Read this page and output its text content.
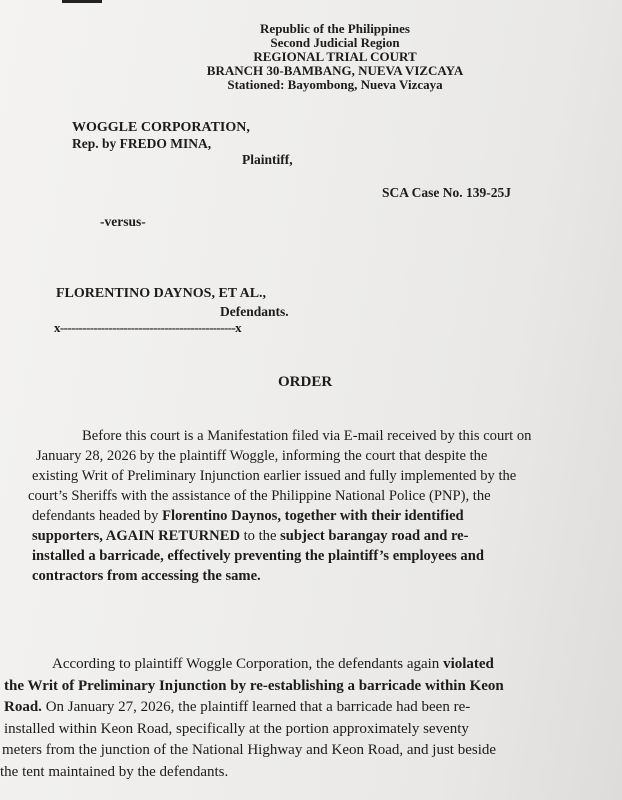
Republic of the Philippines
Second Judicial Region
REGIONAL TRIAL COURT
BRANCH 30-BAMBANG, NUEVA VIZCAYA
Stationed: Bayombong, Nueva Vizcaya
WOGGLE CORPORATION,
Rep. by FREDO MINA,
Plaintiff,
SCA Case No. 139-25J
-versus-
FLORENTINO DAYNOS, ET AL.,
Defendants.
x-----------------------------------------------x
ORDER
Before this court is a Manifestation filed via E-mail received by this court on
January 28, 2026 by the plaintiff Woggle, informing the court that despite the
existing Writ of Preliminary Injunction earlier issued and fully implemented by the
court’s Sheriffs with the assistance of the Philippine National Police (PNP), the
defendants headed by Florentino Daynos, together with their identified
supporters, AGAIN RETURNED to the subject barangay road and re-
installed a barricade, effectively preventing the plaintiff’s employees and
contractors from accessing the same.
According to plaintiff Woggle Corporation, the defendants again violated
the Writ of Preliminary Injunction by re-establishing a barricade within Keon
Road. On January 27, 2026, the plaintiff learned that a barricade had been re-
installed within Keon Road, specifically at the portion approximately seventy
meters from the junction of the National Highway and Keon Road, and just beside
the tent maintained by the defendants.
